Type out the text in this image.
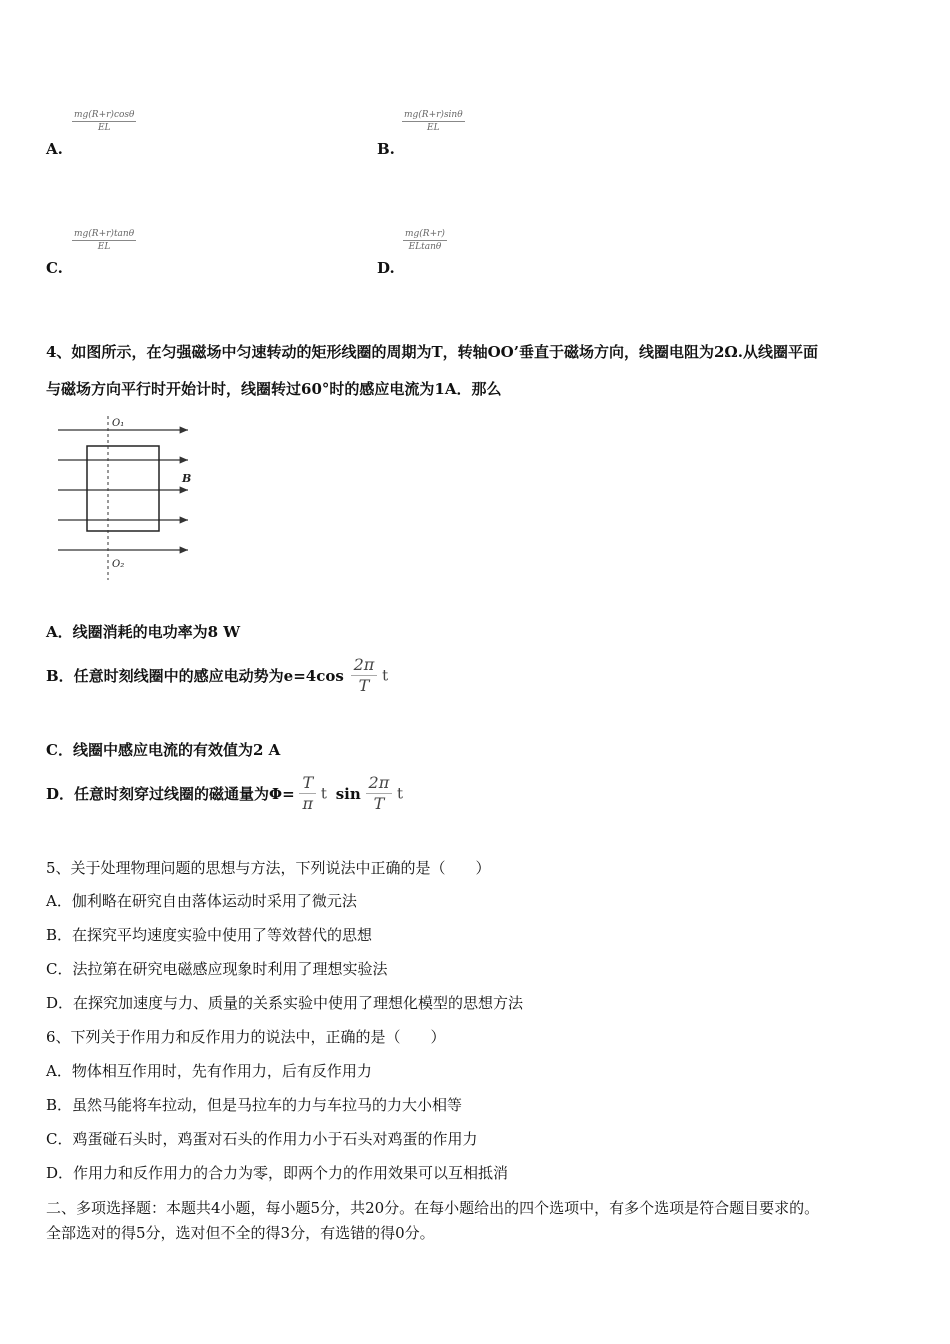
$\frac{mg(R+r)\cos\theta}{EL}$
A.
$\frac{mg(R+r)\sin\theta}{EL}$
B.
$\frac{mg(R+r)\tan\theta}{EL}$
C.
$\frac{mg(R+r)}{ELtan\theta}$
D.
4、如图所示，在匀强磁场中匀速转动的矩形线圈的周期为T，转轴OO’垂直于磁场方向，线圈电阻为2Ω.从线圈平面
与磁场方向平行时开始计时，线圈转过60°时的感应电流为1A．那么
O₁
O₂
B
A．线圈消耗的电功率为8 W
B．任意时刻线圈中的感应电动势为$e=4\cos \frac{2\pi}{T}$ t
C．线圈中感应电流的有效值为2 A
D．任意时刻穿过线圈的磁通量为$\Phi= \frac{T}{\pi}$ t $\sin \frac{2\pi}{T}$ t
5、关于处理物理问题的思想与方法，下列说法中正确的是（　　）
A．伽利略在研究自由落体运动时采用了微元法
B．在探究平均速度实验中使用了等效替代的思想
C．法拉第在研究电磁感应现象时利用了理想实验法
D．在探究加速度与力、质量的关系实验中使用了理想化模型的思想方法
6、下列关于作用力和反作用力的说法中，正确的是（　　）
A．物体相互作用时，先有作用力，后有反作用力
B．虽然马能将车拉动，但是马拉车的力与车拉马的力大小相等
C．鸡蛋碰石头时，鸡蛋对石头的作用力小于石头对鸡蛋的作用力
D．作用力和反作用力的合力为零，即两个力的作用效果可以互相抵消
二、多项选择题：本题共4小题，每小题5分，共20分。在每小题给出的四个选项中，有多个选项是符合题目要求的。
全部选对的得5分，选对但不全的得3分，有选错的得0分。
